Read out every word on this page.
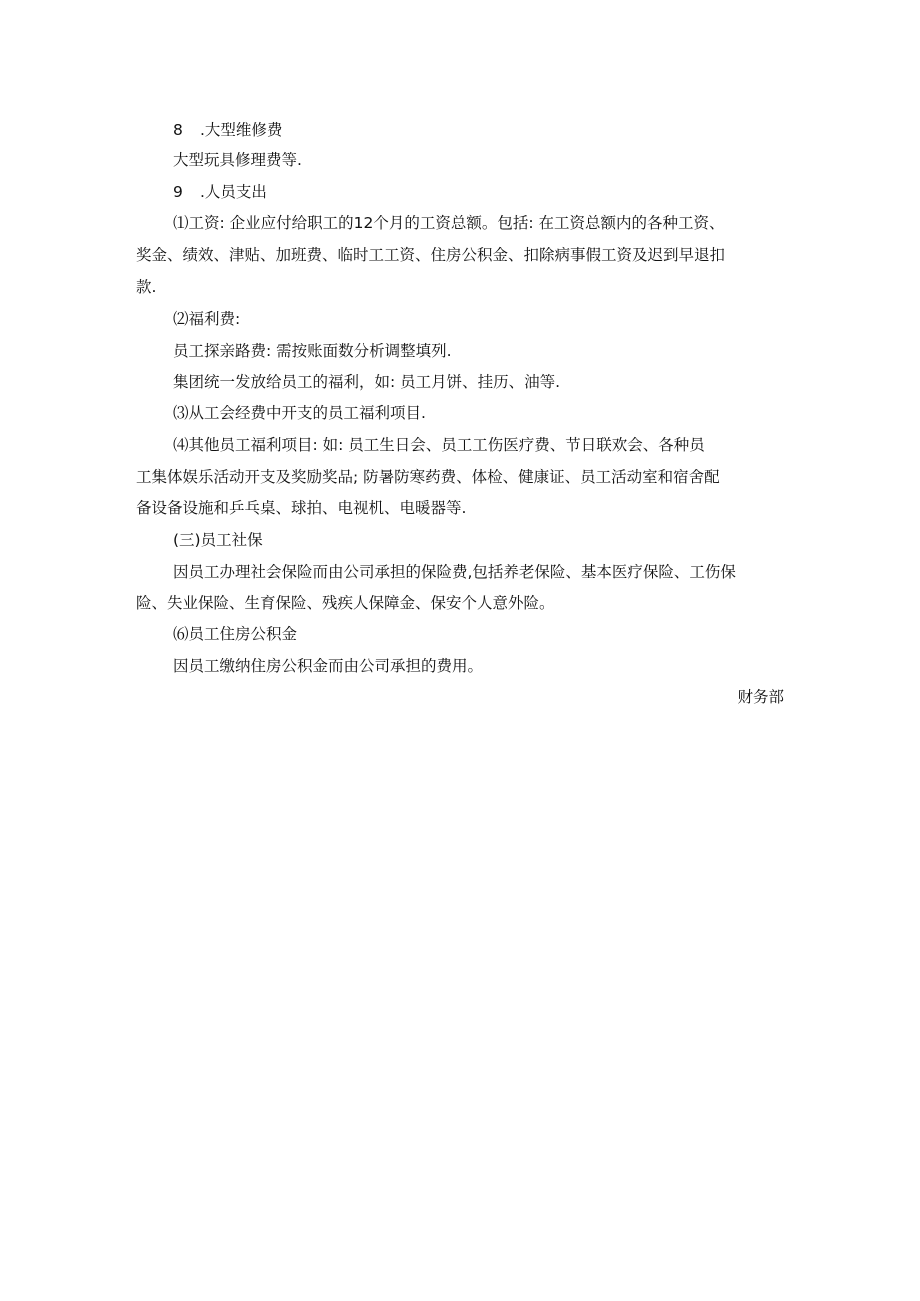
8 .大型维修费
大型玩具修理费等.
9 .人员支出
⑴工资: 企业应付给职工的12个月的工资总额。包括: 在工资总额内的各种工资、
奖金、绩效、津贴、加班费、临时工工资、住房公积金、扣除病事假工资及迟到早退扣
款.
⑵福利费:
员工探亲路费: 需按账面数分析调整填列.
集团统一发放给员工的福利，如: 员工月饼、挂历、油等.
⑶从工会经费中开支的员工福利项目.
⑷其他员工福利项目: 如: 员工生日会、员工工伤医疗费、节日联欢会、各种员
工集体娱乐活动开支及奖励奖品; 防暑防寒药费、体检、健康证、员工活动室和宿舍配
备设备设施和乒乓桌、球拍、电视机、电暖器等.
(三)员工社保
因员工办理社会保险而由公司承担的保险费,包括养老保险、基本医疗保险、工伤保
险、失业保险、生育保险、残疾人保障金、保安个人意外险。
⑹员工住房公积金
因员工缴纳住房公积金而由公司承担的费用。
财务部
